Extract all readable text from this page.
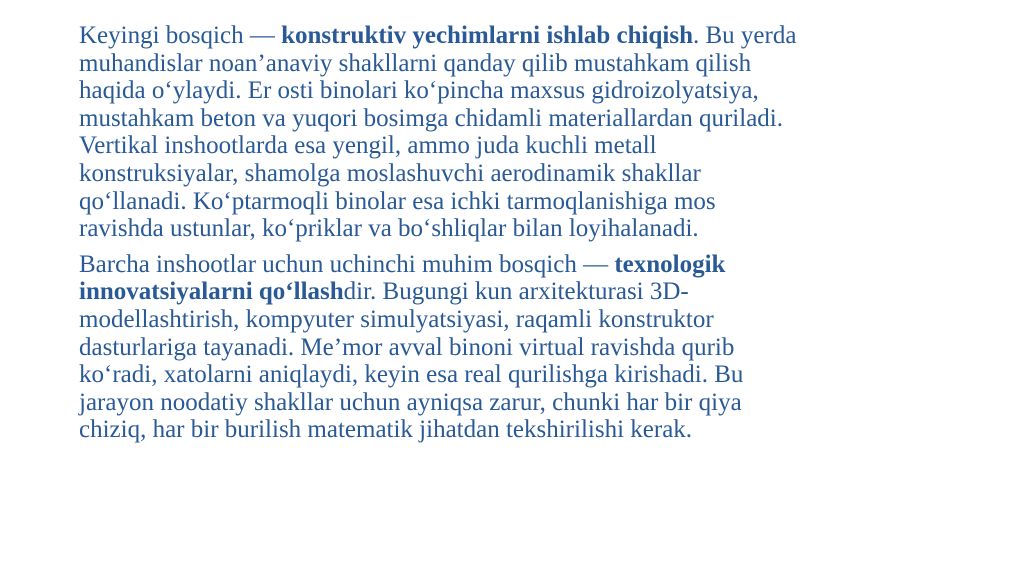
Keyingi bosqich — konstruktiv yechimlarni ishlab chiqish. Bu yerda
muhandislar noan’anaviy shakllarni qanday qilib mustahkam qilish
haqida o‘ylaydi. Er osti binolari ko‘pincha maxsus gidroizolyatsiya,
mustahkam beton va yuqori bosimga chidamli materiallardan quriladi.
Vertikal inshootlarda esa yengil, ammo juda kuchli metall
konstruksiyalar, shamolga moslashuvchi aerodinamik shakllar
qo‘llanadi. Ko‘ptarmoqli binolar esa ichki tarmoqlanishiga mos
ravishda ustunlar, ko‘priklar va bo‘shliqlar bilan loyihalanadi.
Barcha inshootlar uchun uchinchi muhim bosqich — texnologik
innovatsiyalarni qo‘llashdir. Bugungi kun arxitekturasi 3D-
modellashtirish, kompyuter simulyatsiyasi, raqamli konstruktor
dasturlariga tayanadi. Me’mor avval binoni virtual ravishda qurib
ko‘radi, xatolarni aniqlaydi, keyin esa real qurilishga kirishadi. Bu
jarayon noodatiy shakllar uchun ayniqsa zarur, chunki har bir qiya
chiziq, har bir burilish matematik jihatdan tekshirilishi kerak.
